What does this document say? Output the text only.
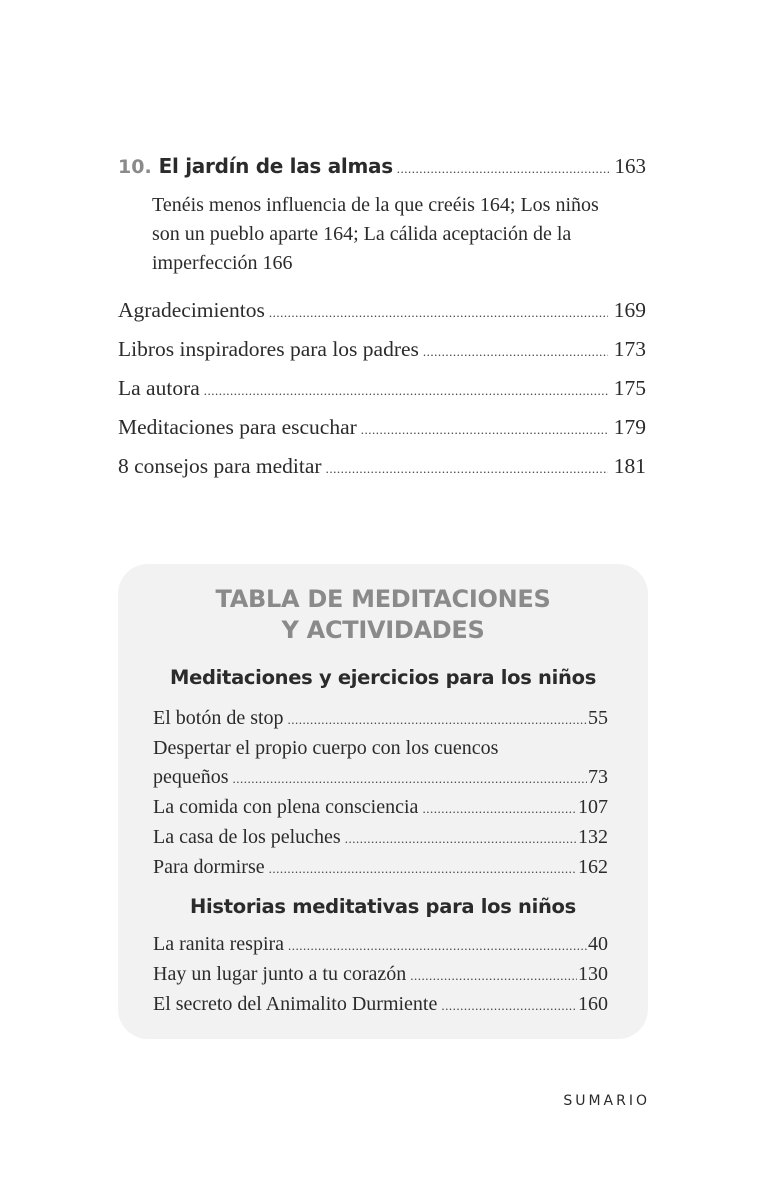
10. El jardín de las almas .....	163
Tenéis menos influencia de la que creéis 164; Los niños son un pueblo aparte 164; La cálida aceptación de la imperfección 166
Agradecimientos .....	169
Libros inspiradores para los padres .....	173
La autora .....	175
Meditaciones para escuchar .....	179
8 consejos para meditar .....	181
TABLA DE MEDITACIONES
Y ACTIVIDADES
Meditaciones y ejercicios para los niños
El botón de stop .....	55
Despertar el propio cuerpo con los cuencos
pequeños .....	73
La comida con plena consciencia .....	107
La casa de los peluches .....	132
Para dormirse .....	162
Historias meditativas para los niños
La ranita respira .....	40
Hay un lugar junto a tu corazón .....	130
El secreto del Animalito Durmiente .....	160
SUMARIO
